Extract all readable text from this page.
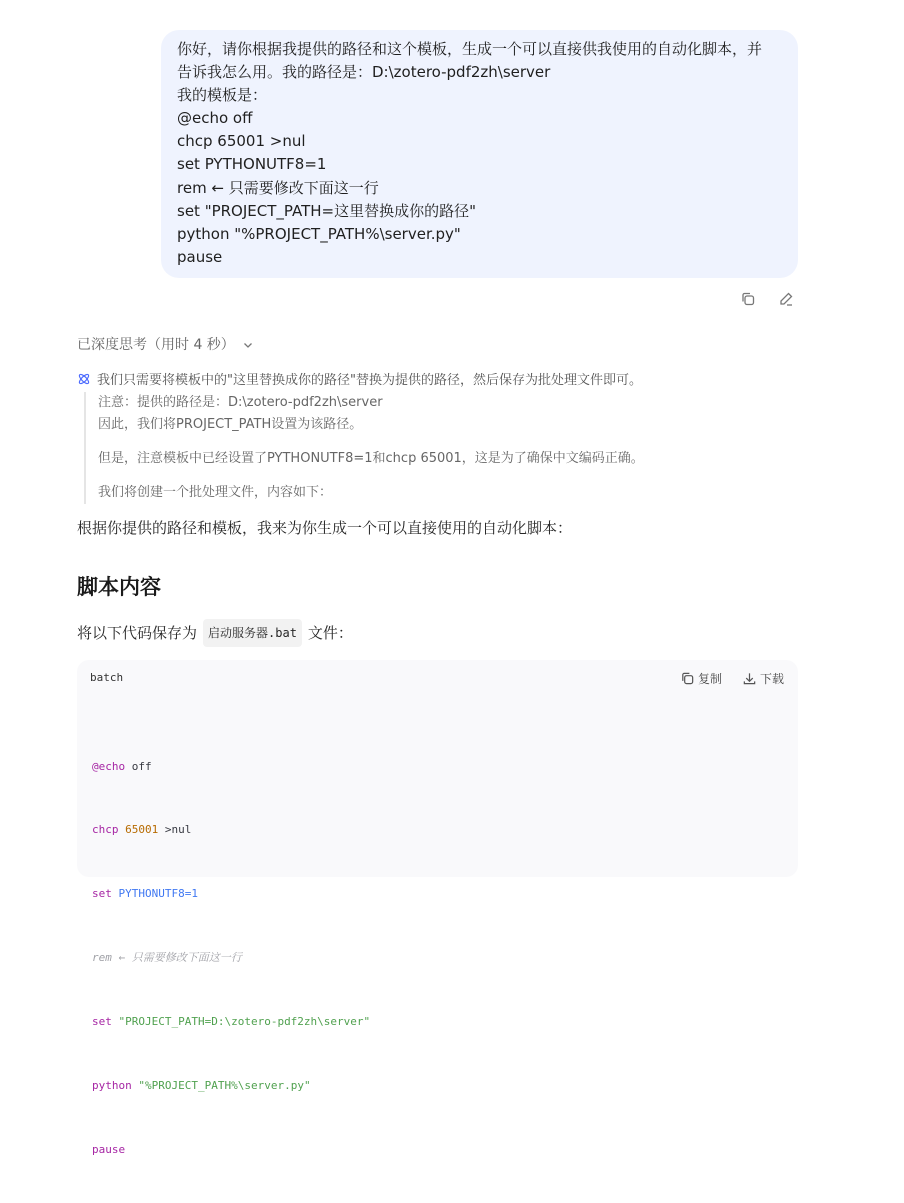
你好，请你根据我提供的路径和这个模板，生成一个可以直接供我使用的自动化脚本，并
告诉我怎么用。我的路径是：D:\zotero-pdf2zh\server
我的模板是：
@echo off
chcp 65001 >nul
set PYTHONUTF8=1
rem ← 只需要修改下面这一行
set "PROJECT_PATH=这里替换成你的路径"
python "%PROJECT_PATH%\server.py"
pause
已深度思考（用时 4 秒）
我们只需要将模板中的"这里替换成你的路径"替换为提供的路径，然后保存为批处理文件即可。

注意：提供的路径是：D:\zotero-pdf2zh\server

因此，我们将PROJECT_PATH设置为该路径。

但是，注意模板中已经设置了PYTHONUTF8=1和chcp 65001，这是为了确保中文编码正确。

我们将创建一个批处理文件，内容如下：

根据你提供的路径和模板，我来为你生成一个可以直接使用的自动化脚本：
脚本内容
将以下代码保存为 启动服务器.bat 文件：
batch	复制	下载

@echo off

chcp 65001 >nul

set PYTHONUTF8=1

rem ← 只需要修改下面这一行

set "PROJECT_PATH=D:\zotero-pdf2zh\server"

python "%PROJECT_PATH%\server.py"

pause
